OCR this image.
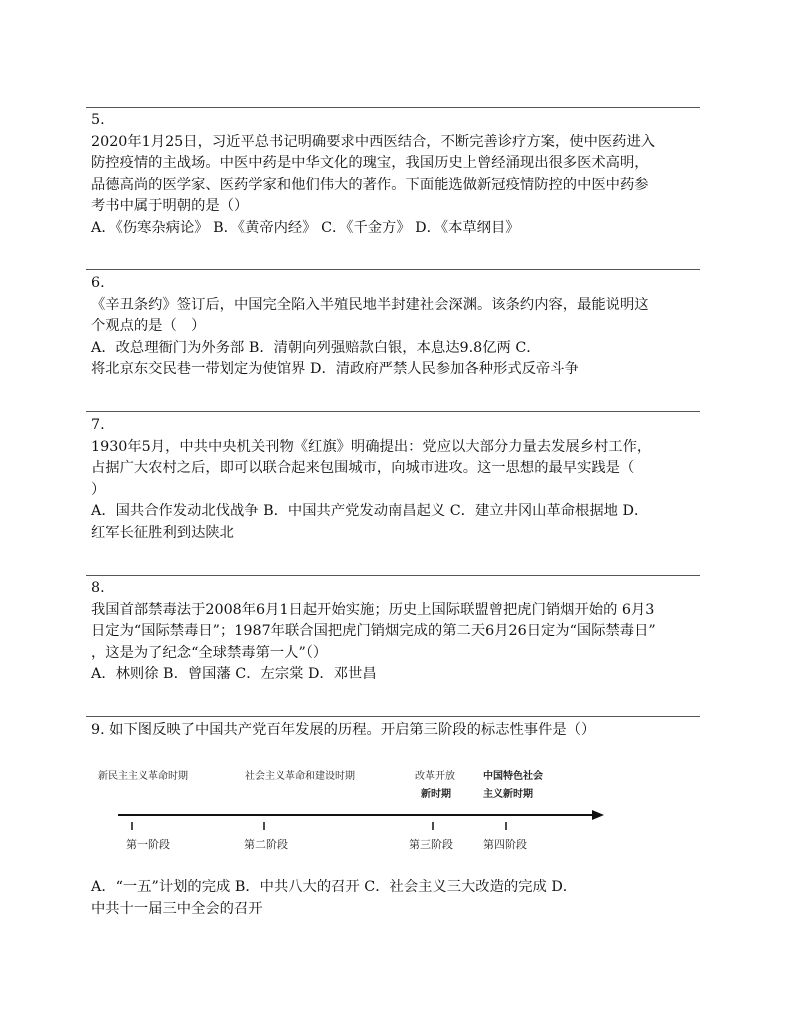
5.
2020年1月25日，习近平总书记明确要求中西医结合，不断完善诊疗方案，使中医药进入
防控疫情的主战场。中医中药是中华文化的瑰宝，我国历史上曾经涌现出很多医术高明，
品德高尚的医学家、医药学家和他们伟大的著作。下面能选做新冠疫情防控的中医中药参
考书中属于明朝的是（）
A．《伤寒杂病论》 B．《黄帝内经》 C．《千金方》 D．《本草纲目》
6.
《辛丑条约》签订后，中国完全陷入半殖民地半封建社会深渊。该条约内容，最能说明这
个观点的是（　）
A．改总理衙门为外务部 B．清朝向列强赔款白银，本息达9.8亿两 C．
将北京东交民巷一带划定为使馆界 D．清政府严禁人民参加各种形式反帝斗争
7.
1930年5月，中共中央机关刊物《红旗》明确提出：党应以大部分力量去发展乡村工作，
占据广大农村之后，即可以联合起来包围城市，向城市进攻。这一思想的最早实践是（
）
A．国共合作发动北伐战争 B．中国共产党发动南昌起义 C．建立井冈山革命根据地 D．
红军长征胜利到达陕北
8.
我国首部禁毒法于2008年6月1日起开始实施；历史上国际联盟曾把虎门销烟开始的 6月3
日定为“国际禁毒日”；1987年联合国把虎门销烟完成的第二天6月26日定为“国际禁毒日”
，这是为了纪念“全球禁毒第一人”（）
A．林则徐 B．曾国藩 C．左宗棠 D．邓世昌
9. 如下图反映了中国共产党百年发展的历程。开启第三阶段的标志性事件是（）
新民主主义革命时期	社会主义革命和建设时期	改革开放
新时期
中国特色社会
主义新时期
第一阶段	第二阶段	第三阶段	第四阶段
A．“一五”计划的完成 B．中共八大的召开 C．社会主义三大改造的完成 D．
中共十一届三中全会的召开
